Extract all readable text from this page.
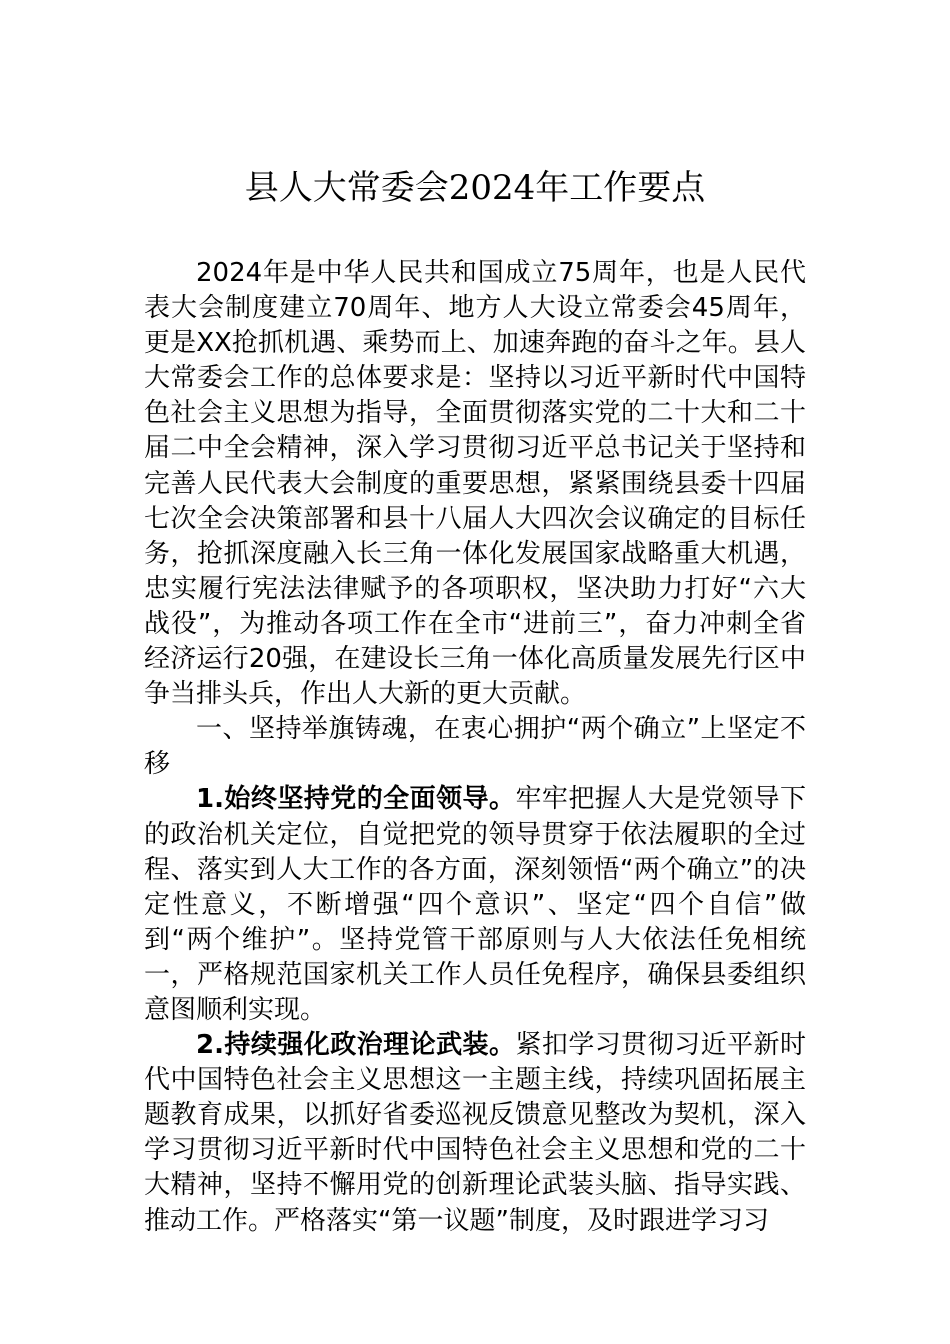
县人大常委会2024年工作要点

2024年是中华人民共和国成立75周年，也是人民代表大会制度建立70周年、地方人大设立常委会45周年，更是XX抢抓机遇、乘势而上、加速奔跑的奋斗之年。县人大常委会工作的总体要求是：坚持以习近平新时代中国特色社会主义思想为指导，全面贯彻落实党的二十大和二十届二中全会精神，深入学习贯彻习近平总书记关于坚持和完善人民代表大会制度的重要思想，紧紧围绕县委十四届七次全会决策部署和县十八届人大四次会议确定的目标任务，抢抓深度融入长三角一体化发展国家战略重大机遇，忠实履行宪法法律赋予的各项职权，坚决助力打好“六大战役”，为推动各项工作在全市“进前三”，奋力冲刺全省经济运行20强，在建设长三角一体化高质量发展先行区中争当排头兵，作出人大新的更大贡献。

一、坚持举旗铸魂，在衷心拥护“两个确立”上坚定不移

1.始终坚持党的全面领导。牢牢把握人大是党领导下的政治机关定位，自觉把党的领导贯穿于依法履职的全过程、落实到人大工作的各方面，深刻领悟“两个确立”的决定性意义，不断增强“四个意识”、坚定“四个自信”做到“两个维护”。坚持党管干部原则与人大依法任免相统一，严格规范国家机关工作人员任免程序，确保县委组织意图顺利实现。

2.持续强化政治理论武装。紧扣学习贯彻习近平新时代中国特色社会主义思想这一主题主线，持续巩固拓展主题教育成果，以抓好省委巡视反馈意见整改为契机，深入学习贯彻习近平新时代中国特色社会主义思想和党的二十大精神，坚持不懈用党的创新理论武装头脑、指导实践、推动工作。严格落实“第一议题”制度，及时跟进学习习
